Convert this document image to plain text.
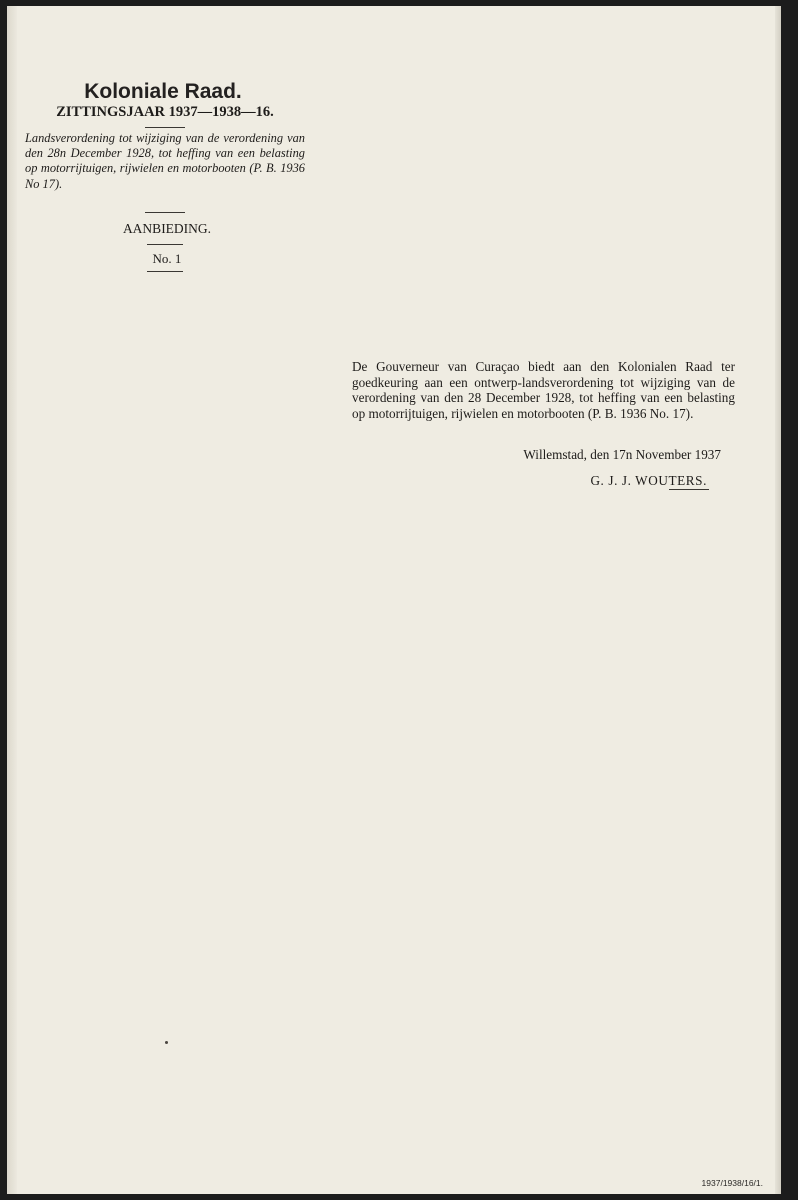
Koloniale Raad.
ZITTINGSJAAR 1937—1938—16.
Landsverordening tot wijziging van de verordening van den 28n December 1928, tot heffing van een belasting op motorrijtuigen, rijwielen en motorbooten (P. B. 1936 No 17).
AANBIEDING.
No. 1
De Gouverneur van Curaçao biedt aan den Kolonialen Raad ter goedkeuring aan een ontwerp-landsverordening tot wijziging van de verordening van den 28 December 1928, tot heffing van een belasting op motorrijtuigen, rijwielen en motorbooten (P. B. 1936 No. 17).
Willemstad, den 17n November 1937
G. J. J. WOUTERS.
1937/1938/16/1.
